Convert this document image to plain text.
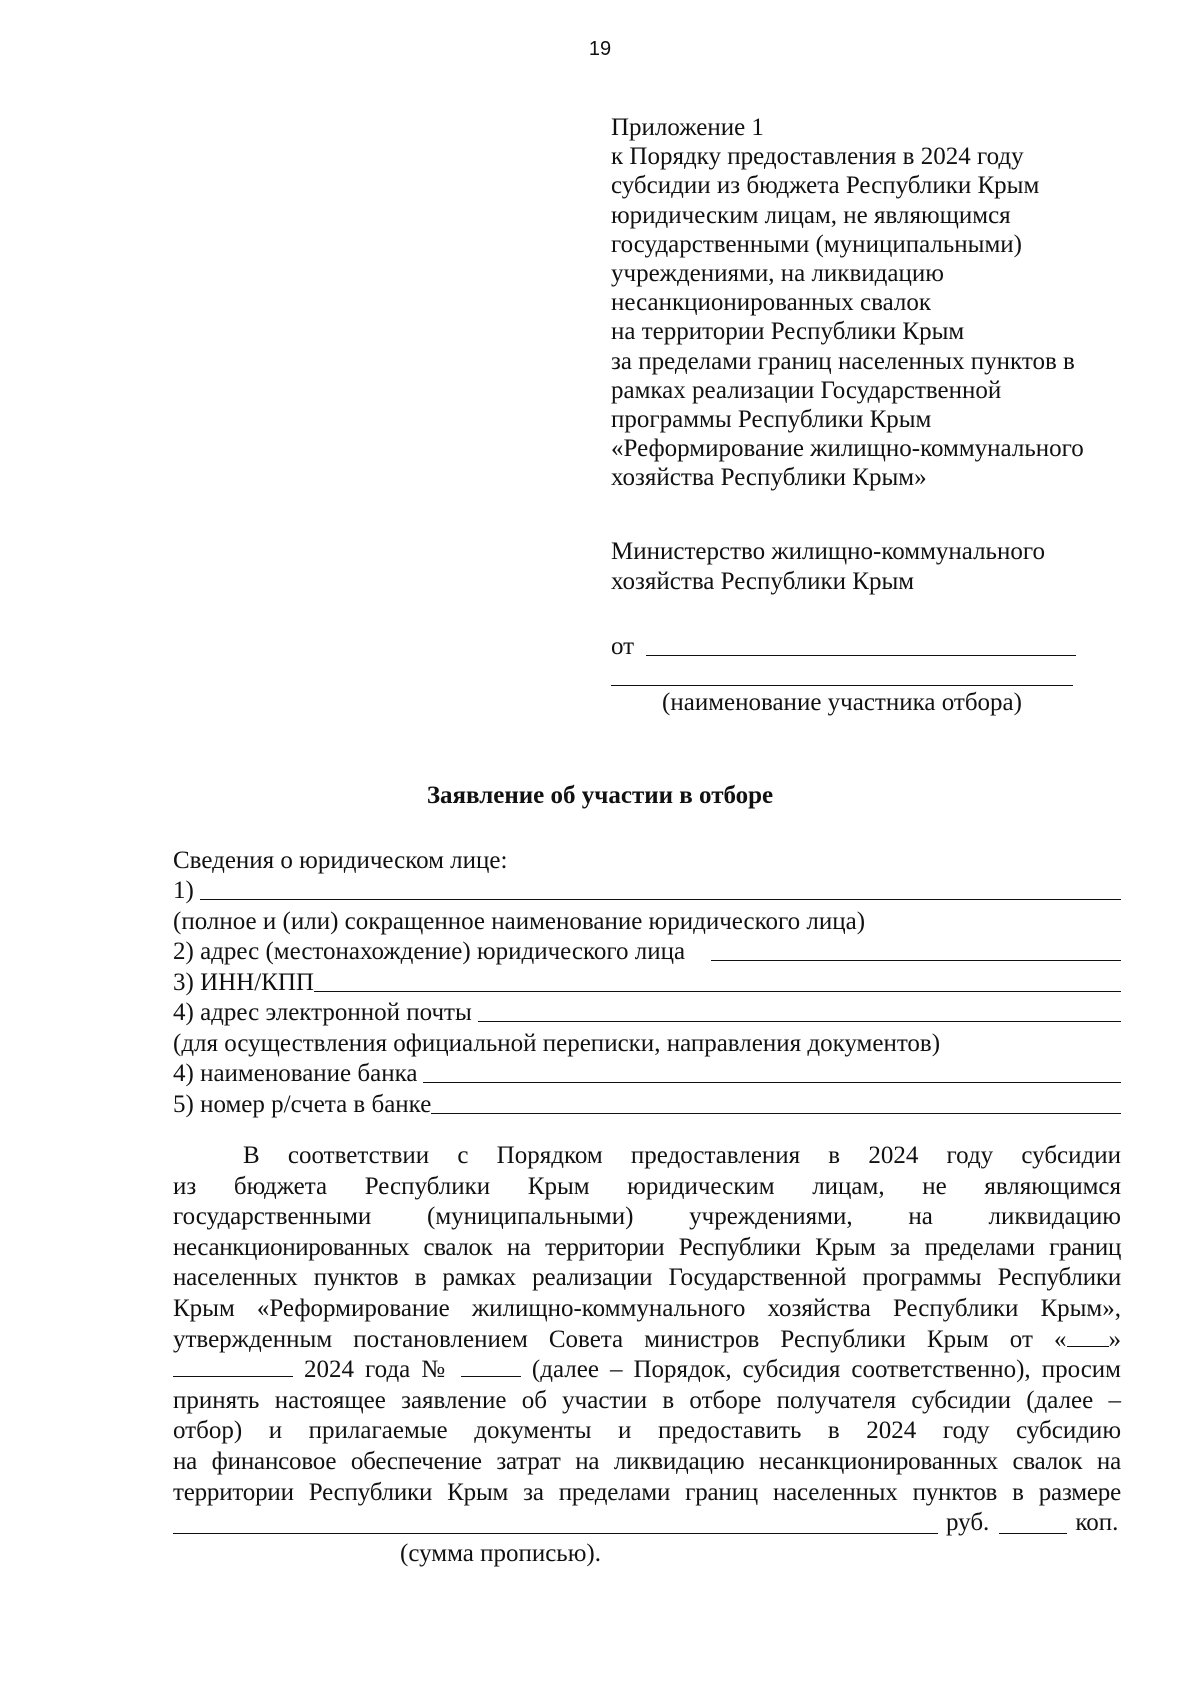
19
Приложение 1
к Порядку предоставления в 2024 году
субсидии из бюджета Республики Крым
юридическим лицам, не являющимся
государственными (муниципальными)
учреждениями, на ликвидацию
несанкционированных свалок
на территории Республики Крым
за пределами границ населенных пунктов в
рамках реализации Государственной
программы Республики Крым
«Реформирование жилищно-коммунального
хозяйства Республики Крым»
Министерство жилищно-коммунального
хозяйства Республики Крым
от
(наименование участника отбора)
Заявление об участии в отборе
Сведения о юридическом лице:
1)
(полное и (или) сокращенное наименование юридического лица)
2) адрес (местонахождение) юридического лица
3) ИНН/КПП
4) адрес электронной почты
(для осуществления официальной переписки, направления документов)
4) наименование банка
5) номер р/счета в банке
В соответствии с Порядком предоставления в 2024 году субсидии
из бюджета Республики Крым юридическим лицам, не являющимся
государственными (муниципальными) учреждениями, на ликвидацию
несанкционированных свалок на территории Республики Крым за пределами границ
населенных пунктов в рамках реализации Государственной программы Республики
Крым «Реформирование жилищно-коммунального хозяйства Республики Крым»,
утвержденным постановлением Совета министров Республики Крым от « »
2024 года №	(далее – Порядок, субсидия соответственно), просим
принять настоящее заявление об участии в отборе получателя субсидии (далее –
отбор) и прилагаемые документы и предоставить в 2024 году субсидию
на финансовое обеспечение затрат на ликвидацию несанкционированных свалок на
территории Республики Крым за пределами границ населенных пунктов в размере
руб.	коп.
(сумма прописью).
